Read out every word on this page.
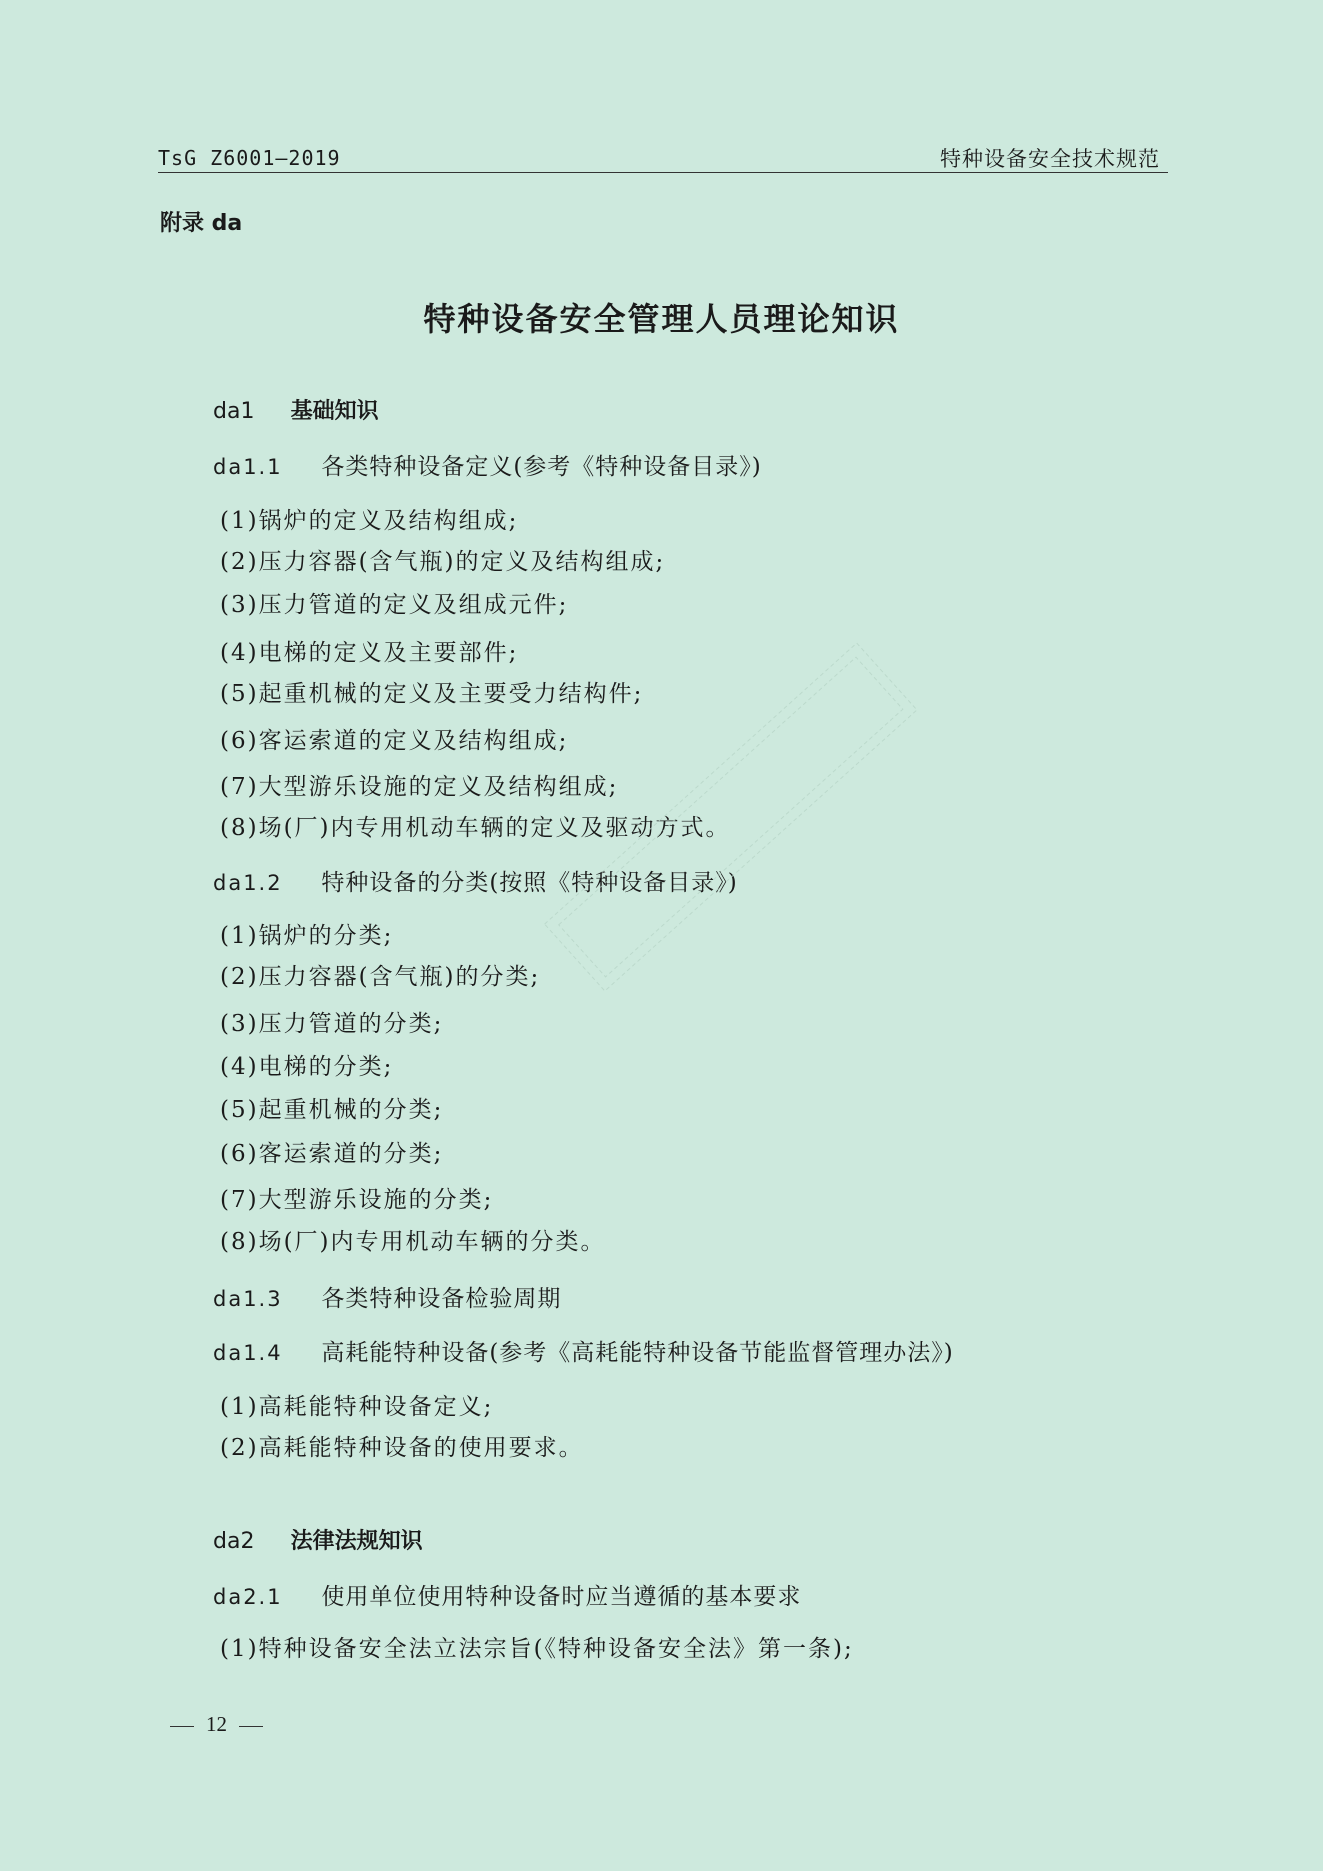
TsG Z6001—2019	特种设备安全技术规范
附录 da
特种设备安全管理人员理论知识
da1 基础知识
da1.1 各类特种设备定义(参考《特种设备目录》)
(1)锅炉的定义及结构组成;
(2)压力容器(含气瓶)的定义及结构组成;
(3)压力管道的定义及组成元件;
(4)电梯的定义及主要部件;
(5)起重机械的定义及主要受力结构件;
(6)客运索道的定义及结构组成;
(7)大型游乐设施的定义及结构组成;
(8)场(厂)内专用机动车辆的定义及驱动方式。
da1.2 特种设备的分类(按照《特种设备目录》)
(1)锅炉的分类;
(2)压力容器(含气瓶)的分类;
(3)压力管道的分类;
(4)电梯的分类;
(5)起重机械的分类;
(6)客运索道的分类;
(7)大型游乐设施的分类;
(8)场(厂)内专用机动车辆的分类。
da1.3 各类特种设备检验周期
da1.4 高耗能特种设备(参考《高耗能特种设备节能监督管理办法》)
(1)高耗能特种设备定义;
(2)高耗能特种设备的使用要求。
da2 法律法规知识
da2.1 使用单位使用特种设备时应当遵循的基本要求
(1)特种设备安全法立法宗旨(《特种设备安全法》第一条);
12
